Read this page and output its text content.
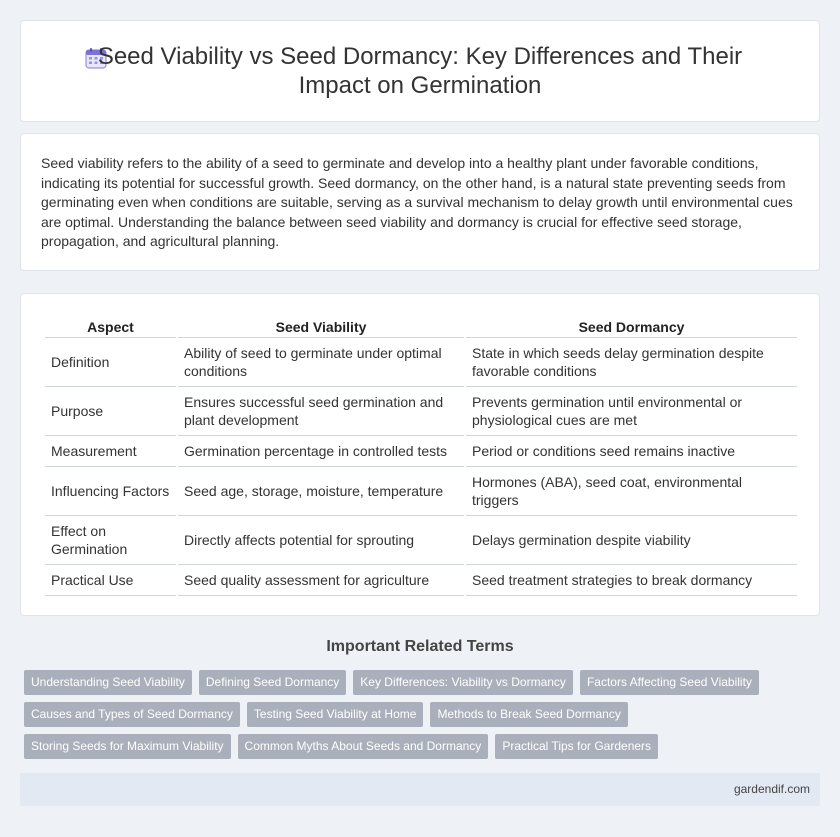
Seed Viability vs Seed Dormancy: Key Differences and Their Impact on Germination

Seed viability refers to the ability of a seed to germinate and develop into a healthy plant under favorable conditions, indicating its potential for successful growth. Seed dormancy, on the other hand, is a natural state preventing seeds from germinating even when conditions are suitable, serving as a survival mechanism to delay growth until environmental cues are optimal. Understanding the balance between seed viability and dormancy is crucial for effective seed storage, propagation, and agricultural planning.

Aspect	Seed Viability	Seed Dormancy
Definition	Ability of seed to germinate under optimal conditions	State in which seeds delay germination despite favorable conditions
Purpose	Ensures successful seed germination and plant development	Prevents germination until environmental or physiological cues are met
Measurement	Germination percentage in controlled tests	Period or conditions seed remains inactive
Influencing Factors	Seed age, storage, moisture, temperature	Hormones (ABA), seed coat, environmental triggers
Effect on Germination	Directly affects potential for sprouting	Delays germination despite viability
Practical Use	Seed quality assessment for agriculture	Seed treatment strategies to break dormancy
Important Related Terms
Understanding Seed Viability	Defining Seed Dormancy	Key Differences: Viability vs Dormancy	Factors Affecting Seed Viability
Causes and Types of Seed Dormancy	Testing Seed Viability at Home	Methods to Break Seed Dormancy
Storing Seeds for Maximum Viability	Common Myths About Seeds and Dormancy	Practical Tips for Gardeners
gardendif.com
